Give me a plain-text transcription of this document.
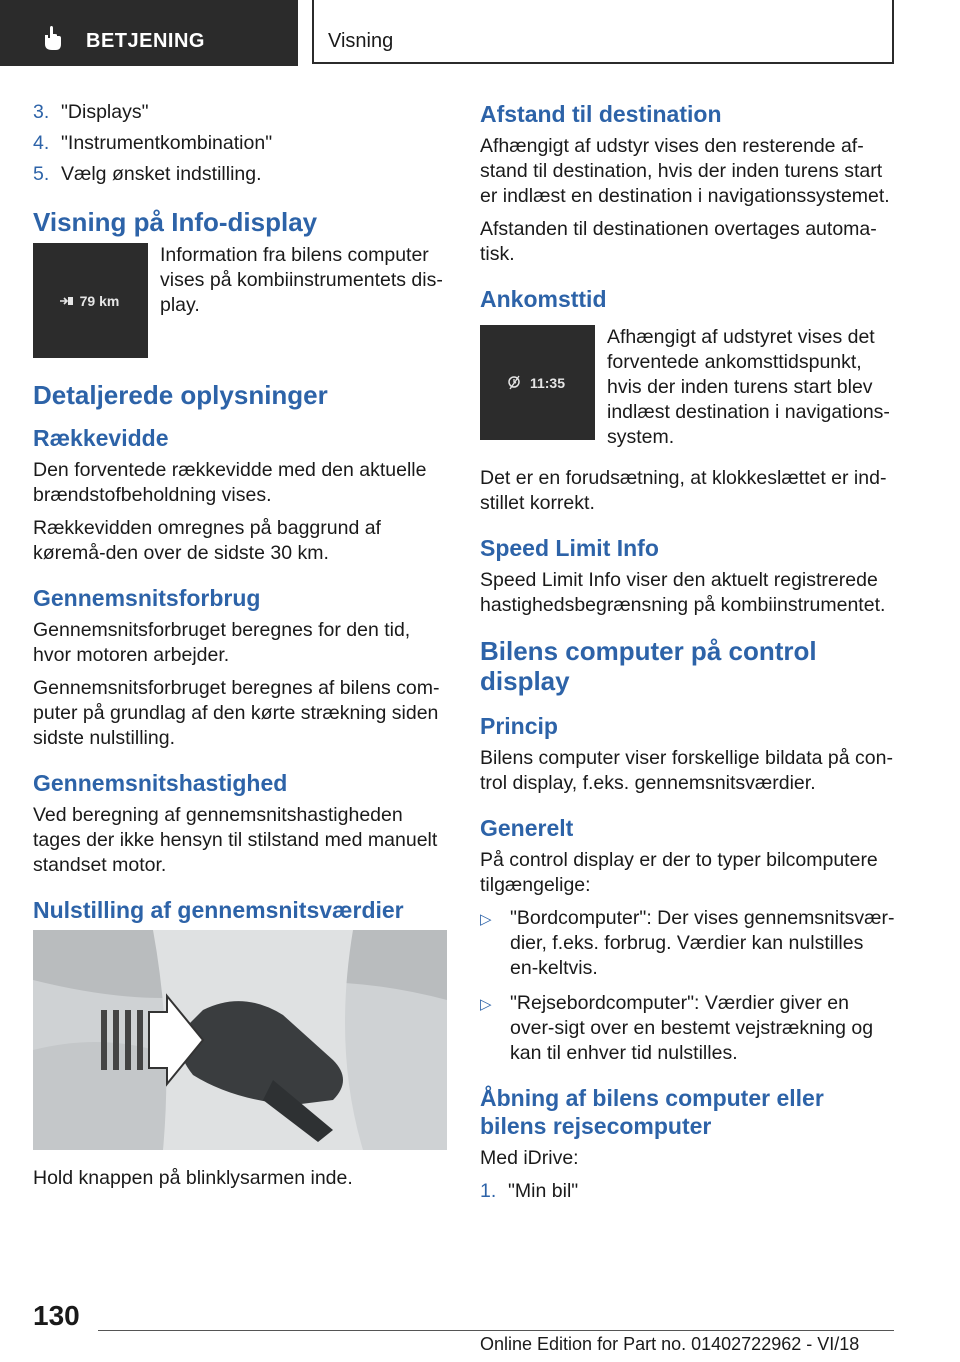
BETJENING	Visning
3. "Displays"
4. "Instrumentkombination"
5. Vælg ønsket indstilling.
Visning på Info-display
79 km
Information fra bilens computer vises på kombiinstrumentets dis-play.
Detaljerede oplysninger
Rækkevidde

Den forventede rækkevidde med den aktuelle brændstofbeholdning vises.

Rækkevidden omregnes på baggrund af køremå-den over de sidste 30 km.

Gennemsnitsforbrug

Gennemsnitsforbruget beregnes for den tid, hvor motoren arbejder.

Gennemsnitsforbruget beregnes af bilens com-puter på grundlag af den kørte strækning siden sidste nulstilling.

Gennemsnitshastighed

Ved beregning af gennemsnitshastigheden tages der ikke hensyn til stilstand med manuelt standset motor.

Nulstilling af gennemsnitsværdier

Hold knappen på blinklysarmen inde.

Afstand til destination

Afhængigt af udstyr vises den resterende af-stand til destination, hvis der inden turens start er indlæst en destination i navigationssystemet.

Afstanden til destinationen overtages automa-tisk.

Ankomsttid
11:35
Afhængigt af udstyret vises det forventede ankomsttidspunkt, hvis der inden turens start blev indlæst destination i navigations-system.

Det er en forudsætning, at klokkeslættet er ind-stillet korrekt.

Speed Limit Info

Speed Limit Info viser den aktuelt registrerede hastighedsbegrænsning på kombiinstrumentet.

Bilens computer på control display
Princip

Bilens computer viser forskellige bildata på con-trol display, f.eks. gennemsnitsværdier.

Generelt

På control display er der to typer bilcomputere tilgængelige:

▷ "Bordcomputer": Der vises gennemsnitsvær-dier, f.eks. forbrug. Værdier kan nulstilles en-keltvis.
▷ "Rejsebordcomputer": Værdier giver en over-sigt over en bestemt vejstrækning og kan til enhver tid nulstilles.
Åbning af bilens computer eller bilens rejsecomputer

Med iDrive:

1. "Min bil"
130
Online Edition for Part no. 01402722962 - VI/18
